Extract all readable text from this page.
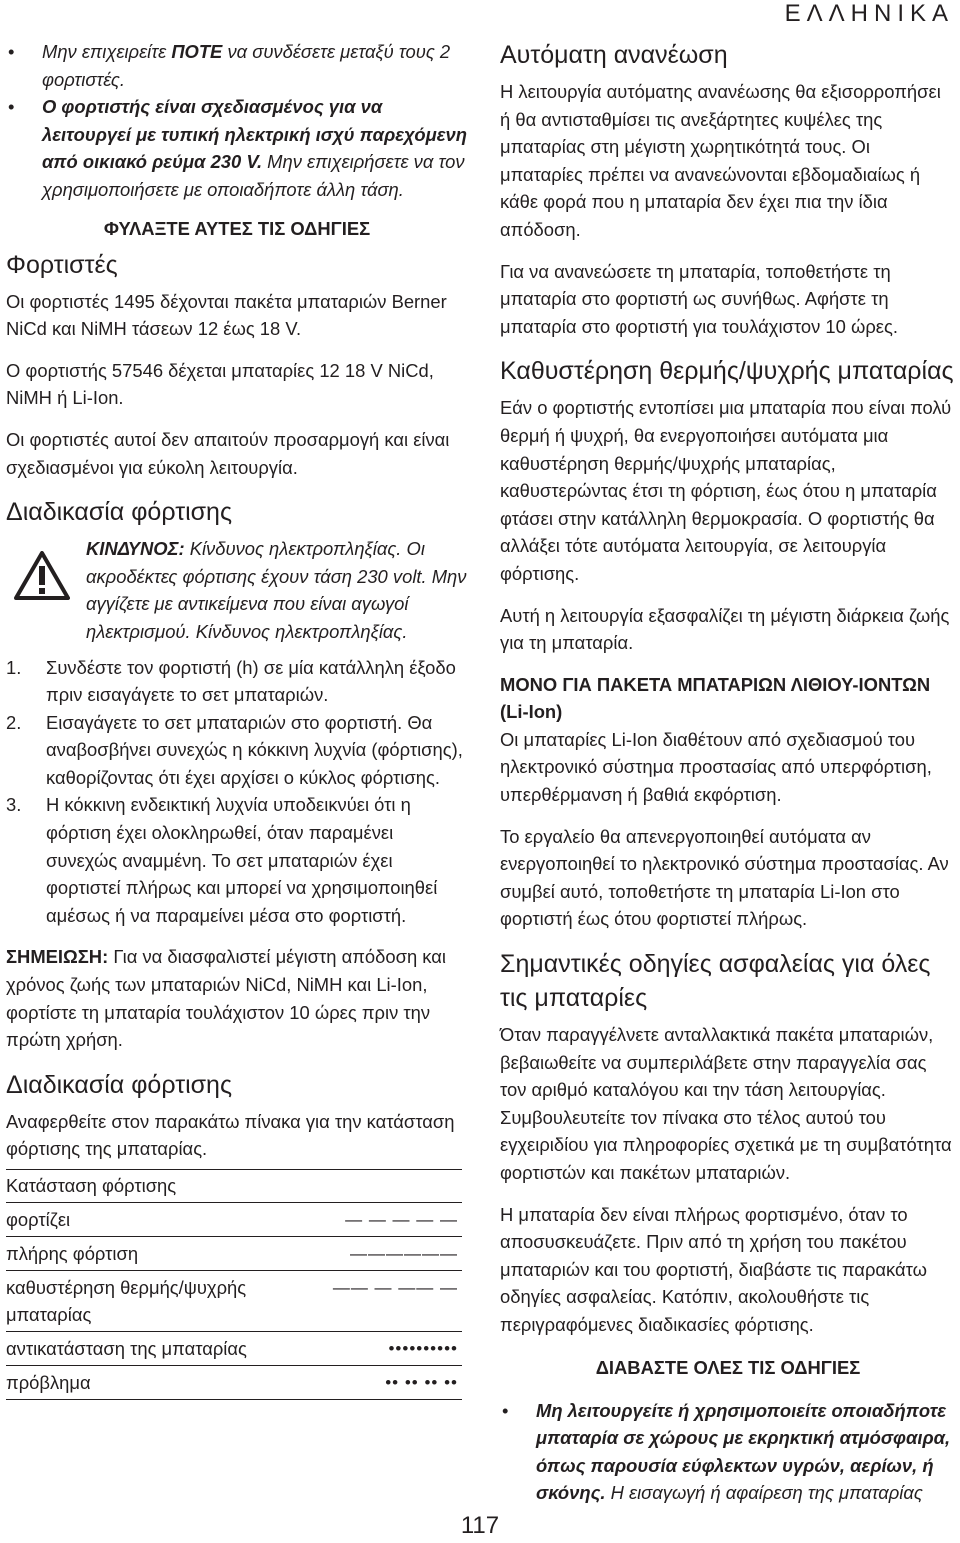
ΕΛΛΗΝΙΚΑ
• Μην επιχειρείτε ΠΟΤΕ να συνδέσετε μεταξύ τους 2 φορτιστές.
• Ο φορτιστής είναι σχεδιασμένος για να λειτουργεί με τυπική ηλεκτρική ισχύ παρεχόμενη από οικιακό ρεύμα 230 V. Μην επιχειρήσετε να τον χρησιμοποιήσετε με οποιαδήποτε άλλη τάση.
ΦΥΛΑΞΤΕ ΑΥΤΕΣ ΤΙΣ ΟΔΗΓΙΕΣ
Φορτιστές

Οι φορτιστές 1495 δέχονται πακέτα μπαταριών Berner NiCd και NiMH τάσεων 12 έως 18 V.

Ο φορτιστής 57546 δέχεται μπαταρίες 12 18 V NiCd, NiMH ή Li-Ion.

Οι φορτιστές αυτοί δεν απαιτούν προσαρμογή και είναι σχεδιασμένοι για εύκολη λειτουργία.

Διαδικασία φόρτισης

ΚΙΝΔΥΝΟΣ: Κίνδυνος ηλεκτροπληξίας. Οι ακροδέκτες φόρτισης έχουν τάση 230 volt. Μην αγγίζετε με αντικείμενα που είναι αγωγοί ηλεκτρισμού. Κίνδυνος ηλεκτροπληξίας.

1. Συνδέστε τον φορτιστή (h) σε μία κατάλληλη έξοδο πριν εισαγάγετε το σετ μπαταριών.
2. Εισαγάγετε το σετ μπαταριών στο φορτιστή. Θα αναβοσβήνει συνεχώς η κόκκινη λυχνία (φόρτισης), καθορίζοντας ότι έχει αρχίσει ο κύκλος φόρτισης.
3. Η κόκκινη ενδεικτική λυχνία υποδεικνύει ότι η φόρτιση έχει ολοκληρωθεί, όταν παραμένει συνεχώς αναμμένη. Το σετ μπαταριών έχει φορτιστεί πλήρως και μπορεί να χρησιμοποιηθεί αμέσως ή να παραμείνει μέσα στο φορτιστή.

ΣΗΜΕΙΩΣΗ: Για να διασφαλιστεί μέγιστη απόδοση και χρόνος ζωής των μπαταριών NiCd, NiMH και Li-Ion, φορτίστε τη μπαταρία τουλάχιστον 10 ώρες πριν την πρώτη χρήση.

Διαδικασία φόρτισης

Αναφερθείτε στον παρακάτω πίνακα για την κατάσταση φόρτισης της μπαταρίας.

Κατάσταση φόρτισης	
φορτίζει	— — — — —
πλήρης φόρτιση	——————
καθυστέρηση θερμής/ψυχρής μπαταρίας	—— — —— —
αντικατάσταση της μπαταρίας	••••••••••
πρόβλημα	•• •• •• ••
Αυτόματη ανανέωση

Η λειτουργία αυτόματης ανανέωσης θα εξισορροπήσει ή θα αντισταθμίσει τις ανεξάρτητες κυψέλες της μπαταρίας στη μέγιστη χωρητικότητά τους. Οι μπαταρίες πρέπει να ανανεώνονται εβδομαδιαίως ή κάθε φορά που η μπαταρία δεν έχει πια την ίδια απόδοση.

Για να ανανεώσετε τη μπαταρία, τοποθετήστε τη μπαταρία στο φορτιστή ως συνήθως. Αφήστε τη μπαταρία στο φορτιστή για τουλάχιστον 10 ώρες.

Καθυστέρηση θερμής/ψυχρής μπαταρίας

Εάν ο φορτιστής εντοπίσει μια μπαταρία που είναι πολύ θερμή ή ψυχρή, θα ενεργοποιήσει αυτόματα μια καθυστέρηση θερμής/ψυχρής μπαταρίας, καθυστερώντας έτσι τη φόρτιση, έως ότου η μπαταρία φτάσει στην κατάλληλη θερμοκρασία. Ο φορτιστής θα αλλάξει τότε αυτόματα λειτουργία, σε λειτουργία φόρτισης.

Αυτή η λειτουργία εξασφαλίζει τη μέγιστη διάρκεια ζωής για τη μπαταρία.

ΜΟΝΟ ΓΙΑ ΠΑΚΕΤΑ ΜΠΑΤΑΡΙΩΝ ΛΙΘΙΟΥ-ΙΟΝΤΩΝ (Li-Ion)

Οι μπαταρίες Li-Ion διαθέτουν από σχεδιασμού του ηλεκτρονικό σύστημα προστασίας από υπερφόρτιση, υπερθέρμανση ή βαθιά εκφόρτιση.

Το εργαλείο θα απενεργοποιηθεί αυτόματα αν ενεργοποιηθεί το ηλεκτρονικό σύστημα προστασίας. Αν συμβεί αυτό, τοποθετήστε τη μπαταρία Li-Ion στο φορτιστή έως ότου φορτιστεί πλήρως.

Σημαντικές οδηγίες ασφαλείας για όλες τις μπαταρίες

Όταν παραγγέλνετε ανταλλακτικά πακέτα μπαταριών, βεβαιωθείτε να συμπεριλάβετε στην παραγγελία σας τον αριθμό καταλόγου και την τάση λειτουργίας. Συμβουλευτείτε τον πίνακα στο τέλος αυτού του εγχειριδίου για πληροφορίες σχετικά με τη συμβατότητα φορτιστών και πακέτων μπαταριών.

Η μπαταρία δεν είναι πλήρως φορτισμένο, όταν το αποσυσκευάζετε. Πριν από τη χρήση του πακέτου μπαταριών και του φορτιστή, διαβάστε τις παρακάτω οδηγίες ασφαλείας. Κατόπιν, ακολουθήστε τις περιγραφόμενες διαδικασίες φόρτισης.

ΔΙΑΒΑΣΤΕ ΟΛΕΣ ΤΙΣ ΟΔΗΓΙΕΣ
• Μη λειτουργείτε ή χρησιμοποιείτε οποιαδήποτε μπαταρία σε χώρους με εκρηκτική ατμόσφαιρα, όπως παρουσία εύφλεκτων υγρών, αερίων, ή σκόνης. Η εισαγωγή ή αφαίρεση της μπαταρίας
117
